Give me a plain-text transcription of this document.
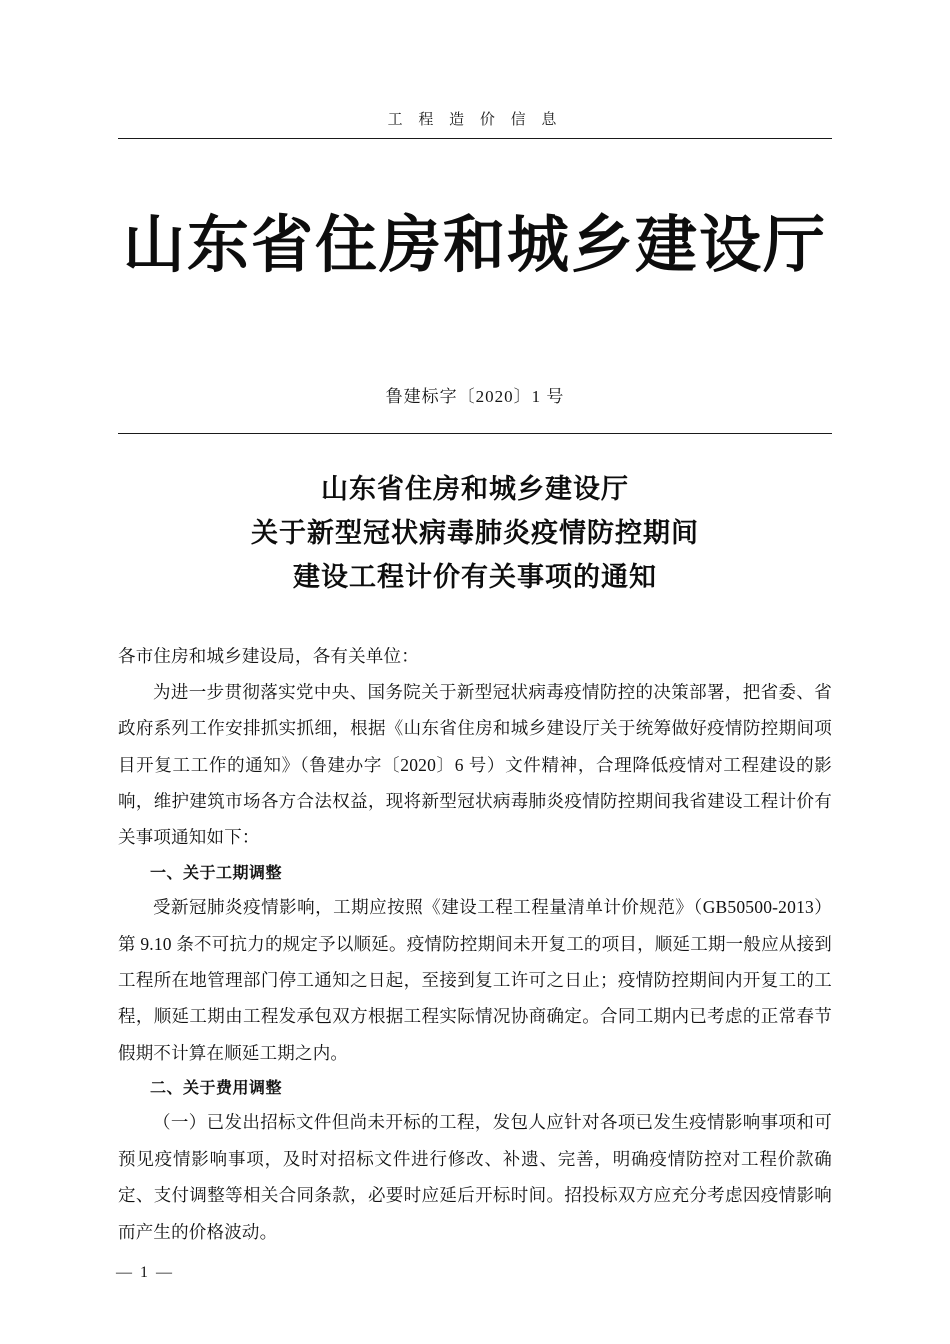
工 程 造 价 信 息
山东省住房和城乡建设厅
鲁建标字〔2020〕1 号
山东省住房和城乡建设厅
关于新型冠状病毒肺炎疫情防控期间
建设工程计价有关事项的通知

各市住房和城乡建设局，各有关单位：

为进一步贯彻落实党中央、国务院关于新型冠状病毒疫情防控的决策部署，把省委、省政府系列工作安排抓实抓细，根据《山东省住房和城乡建设厅关于统筹做好疫情防控期间项目开复工工作的通知》（鲁建办字〔2020〕6 号）文件精神，合理降低疫情对工程建设的影响，维护建筑市场各方合法权益，现将新型冠状病毒肺炎疫情防控期间我省建设工程计价有关事项通知如下：

一、关于工期调整

受新冠肺炎疫情影响，工期应按照《建设工程工程量清单计价规范》（GB50500-2013）第 9.10 条不可抗力的规定予以顺延。疫情防控期间未开复工的项目，顺延工期一般应从接到工程所在地管理部门停工通知之日起，至接到复工许可之日止；疫情防控期间内开复工的工程，顺延工期由工程发承包双方根据工程实际情况协商确定。合同工期内已考虑的正常春节假期不计算在顺延工期之内。

二、关于费用调整

（一）已发出招标文件但尚未开标的工程，发包人应针对各项已发生疫情影响事项和可预见疫情影响事项，及时对招标文件进行修改、补遗、完善，明确疫情防控对工程价款确定、支付调整等相关合同条款，必要时应延后开标时间。招投标双方应充分考虑因疫情影响而产生的价格波动。

— 1 —
